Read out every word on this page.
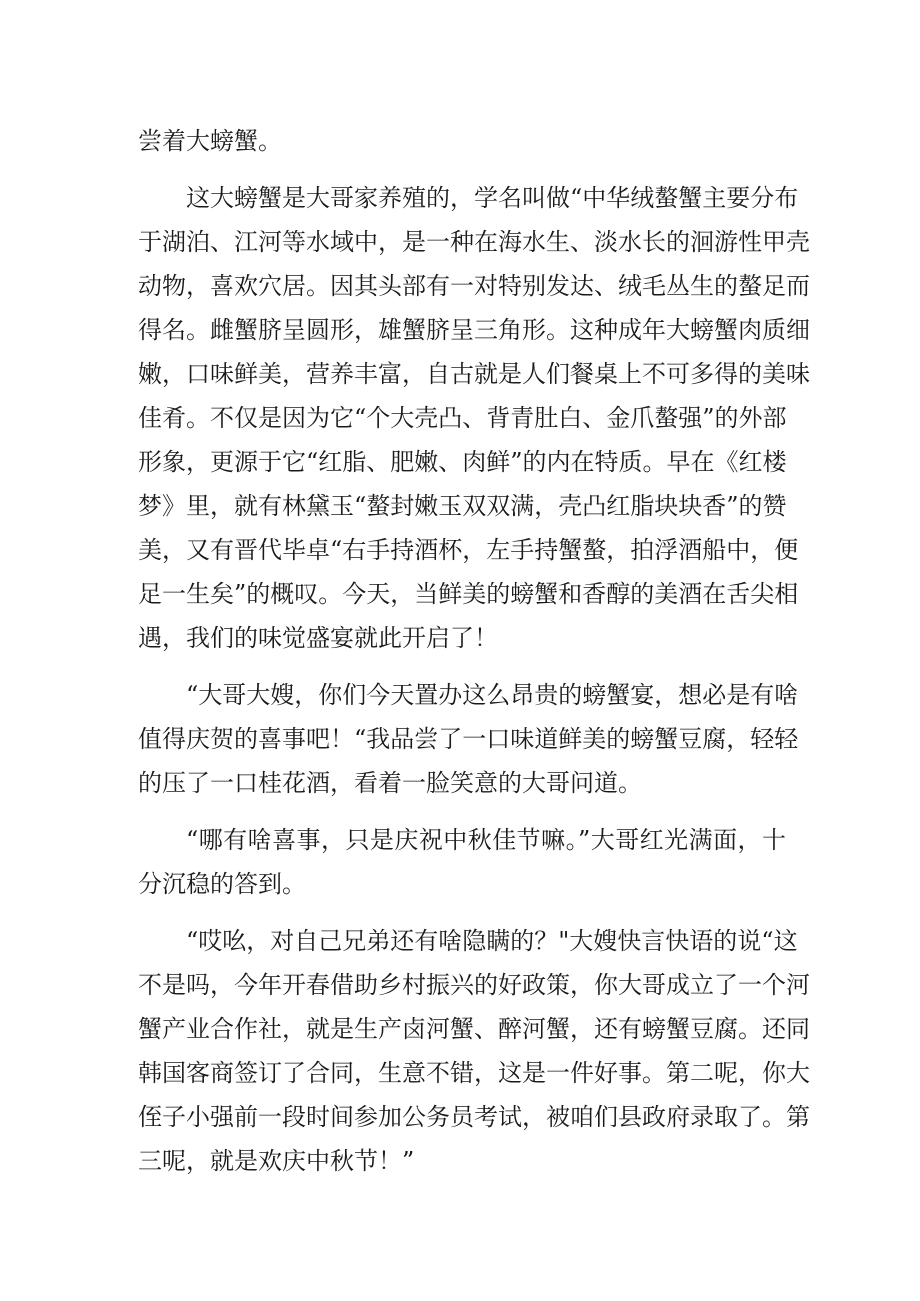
尝着大螃蟹。
这大螃蟹是大哥家养殖的，学名叫做“中华绒螯蟹主要分布
于湖泊、江河等水域中，是一种在海水生、淡水长的洄游性甲壳
动物，喜欢穴居。因其头部有一对特别发达、绒毛丛生的螯足而
得名。雌蟹脐呈圆形，雄蟹脐呈三角形。这种成年大螃蟹肉质细
嫩，口味鲜美，营养丰富，自古就是人们餐桌上不可多得的美味
佳肴。不仅是因为它“个大壳凸、背青肚白、金爪螯强”的外部
形象，更源于它“红脂、肥嫩、肉鲜”的内在特质。早在《红楼
梦》里，就有林黛玉“螯封嫩玉双双满，壳凸红脂块块香”的赞
美，又有晋代毕卓“右手持酒杯，左手持蟹螯，拍浮酒船中，便
足一生矣”的概叹。今天，当鲜美的螃蟹和香醇的美酒在舌尖相
遇，我们的味觉盛宴就此开启了！
“大哥大嫂，你们今天置办这么昂贵的螃蟹宴，想必是有啥
值得庆贺的喜事吧！“我品尝了一口味道鲜美的螃蟹豆腐，轻轻
的压了一口桂花酒，看着一脸笑意的大哥问道。
“哪有啥喜事，只是庆祝中秋佳节嘛。”大哥红光满面，十
分沉稳的答到。
“哎吆，对自己兄弟还有啥隐瞒的？"大嫂快言快语的说“这
不是吗，今年开春借助乡村振兴的好政策，你大哥成立了一个河
蟹产业合作社，就是生产卤河蟹、醉河蟹，还有螃蟹豆腐。还同
韩国客商签订了合同，生意不错，这是一件好事。第二呢，你大
侄子小强前一段时间参加公务员考试，被咱们县政府录取了。第
三呢，就是欢庆中秋节！”
